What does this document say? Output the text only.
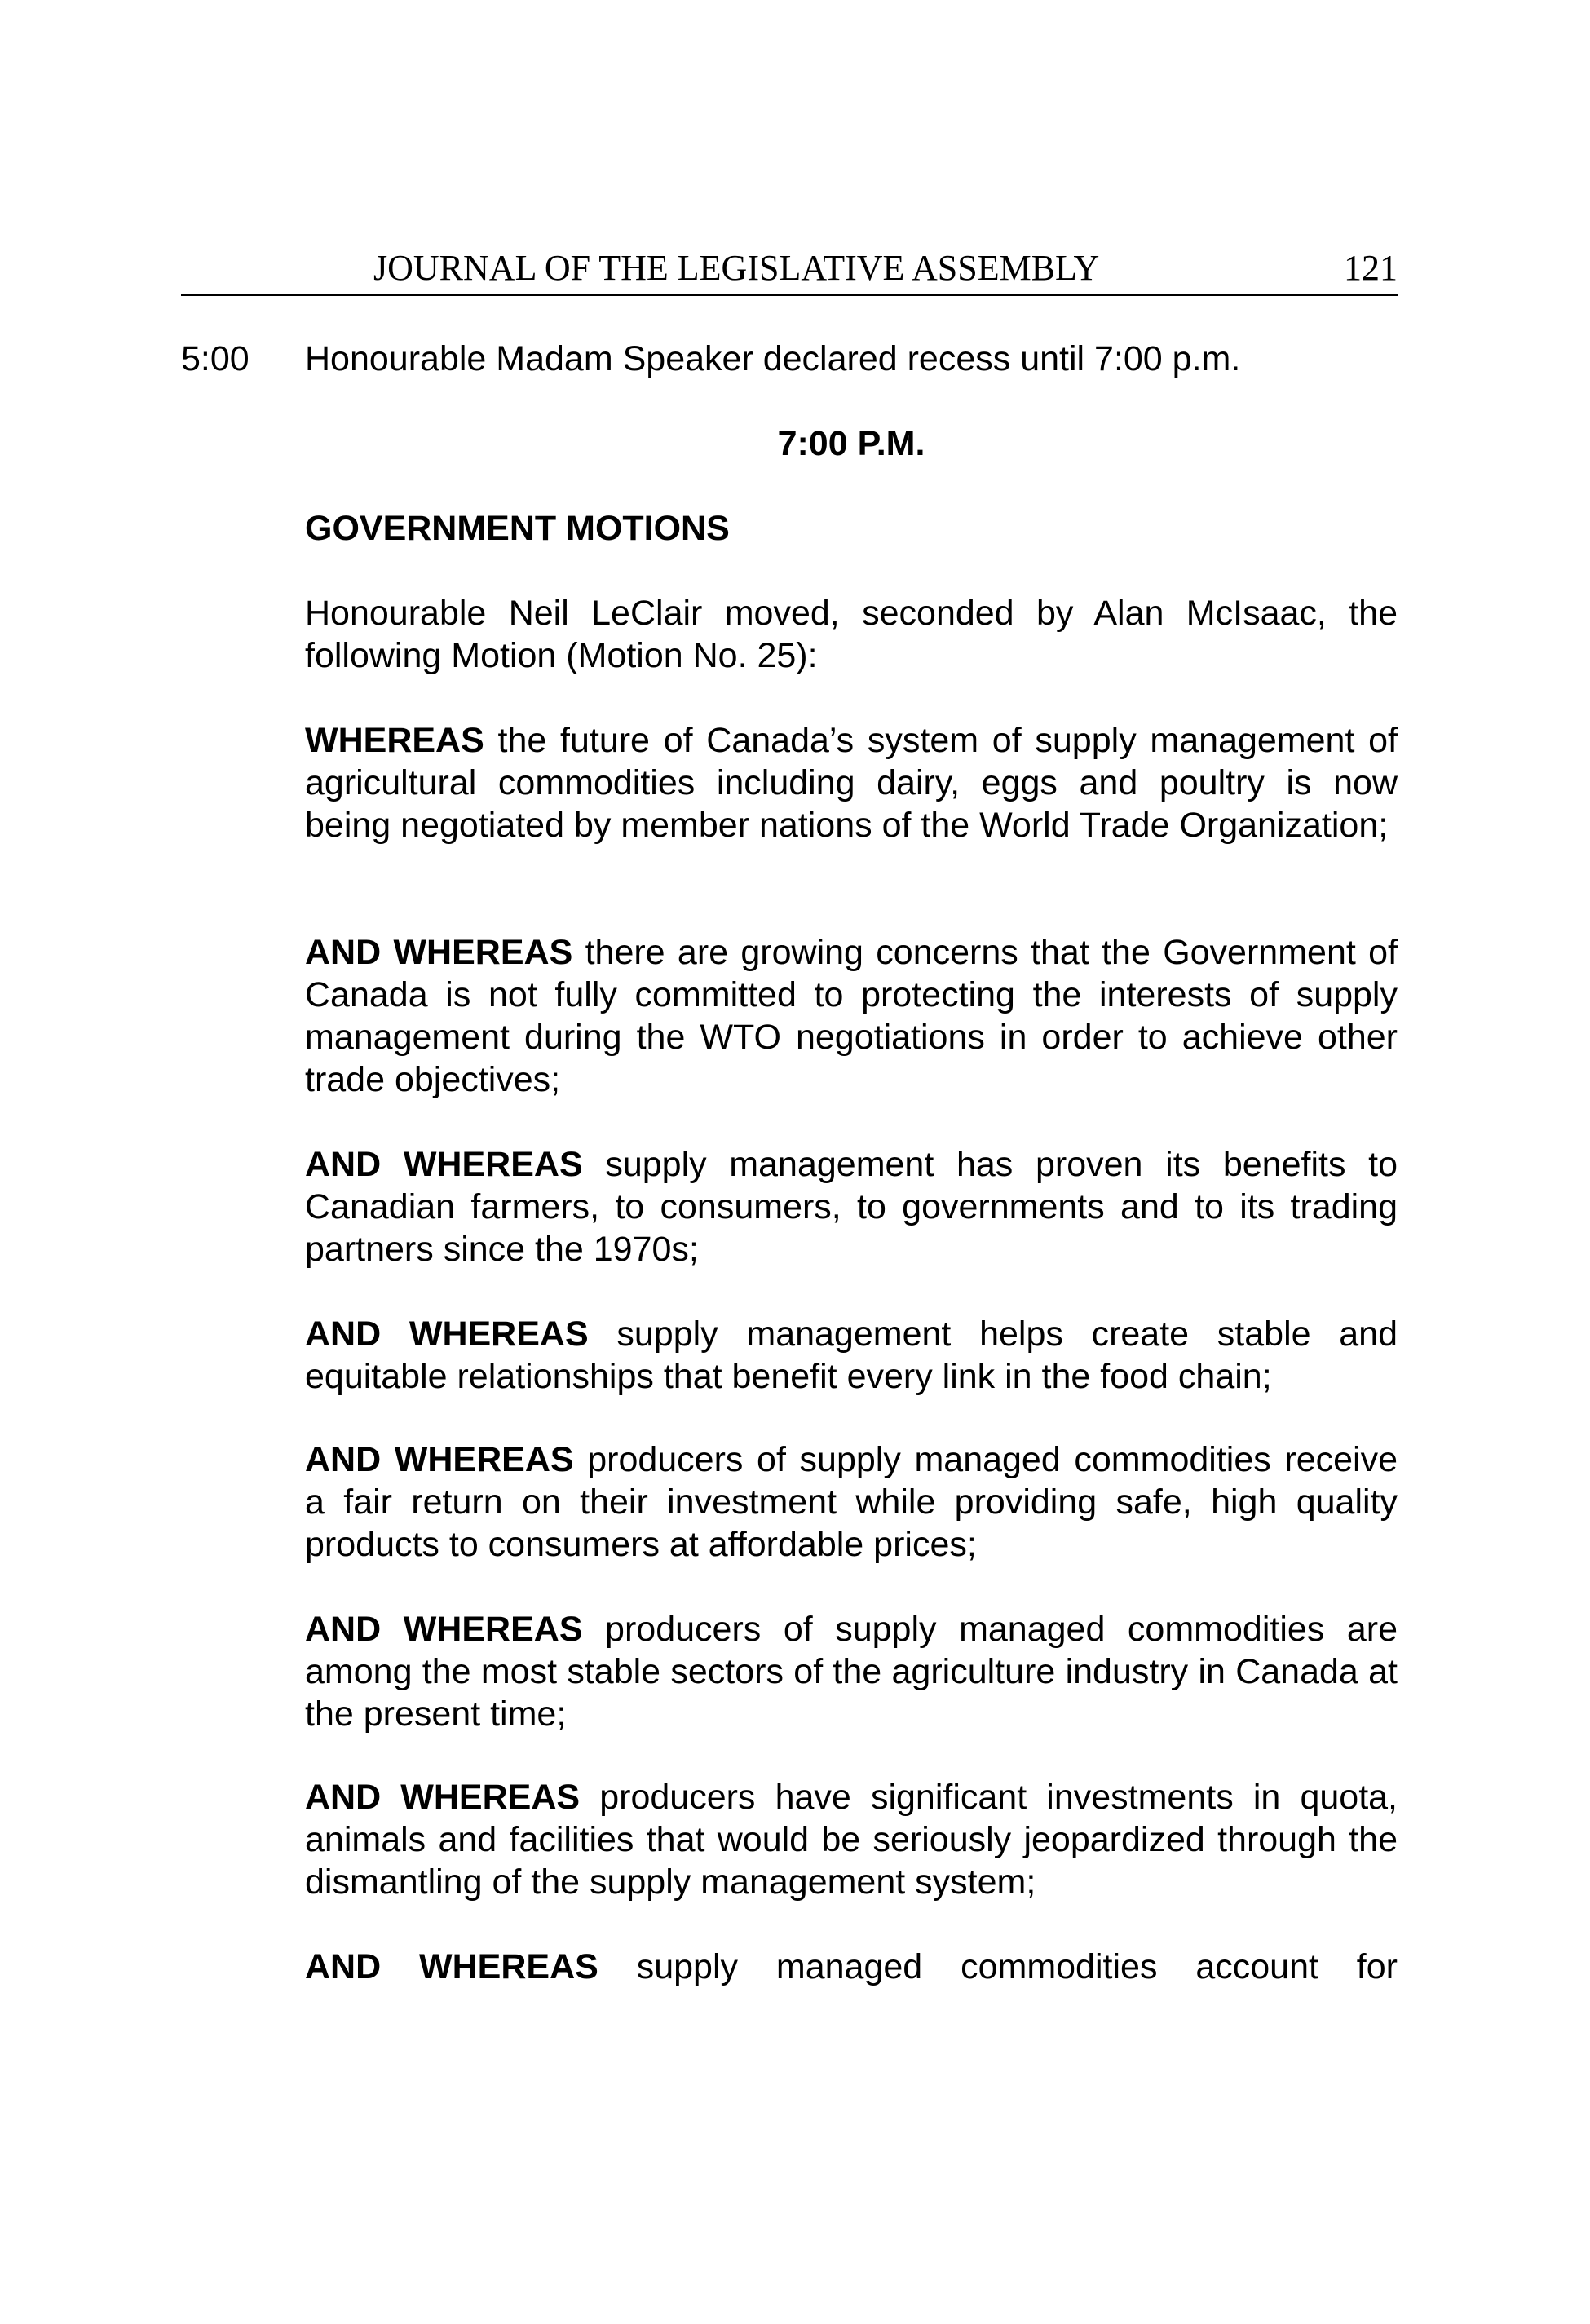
JOURNAL OF THE LEGISLATIVE ASSEMBLY	121
5:00 Honourable Madam Speaker declared recess until 7:00 p.m.
7:00 P.M.
GOVERNMENT MOTIONS

Honourable Neil LeClair moved, seconded by Alan McIsaac, the following Motion (Motion No. 25):

WHEREAS the future of Canada’s system of supply management of agricultural commodities including dairy, eggs and poultry is now being negotiated by member nations of the World Trade Organization;

AND WHEREAS there are growing concerns that the Government of Canada is not fully committed to protecting the interests of supply management during the WTO negotiations in order to achieve other trade objectives;

AND WHEREAS supply management has proven its benefits to Canadian farmers, to consumers, to governments and to its trading partners since the 1970s;

AND WHEREAS supply management helps create stable and equitable relationships that benefit every link in the food chain;

AND WHEREAS producers of supply managed commodities receive a fair return on their investment while providing safe, high quality products to consumers at affordable prices;

AND WHEREAS producers of supply managed commodities are among the most stable sectors of the agriculture industry in Canada at the present time;

AND WHEREAS producers have significant investments in quota, animals and facilities that would be seriously jeopardized through the dismantling of the supply management system;

AND WHEREAS supply managed commodities account for
